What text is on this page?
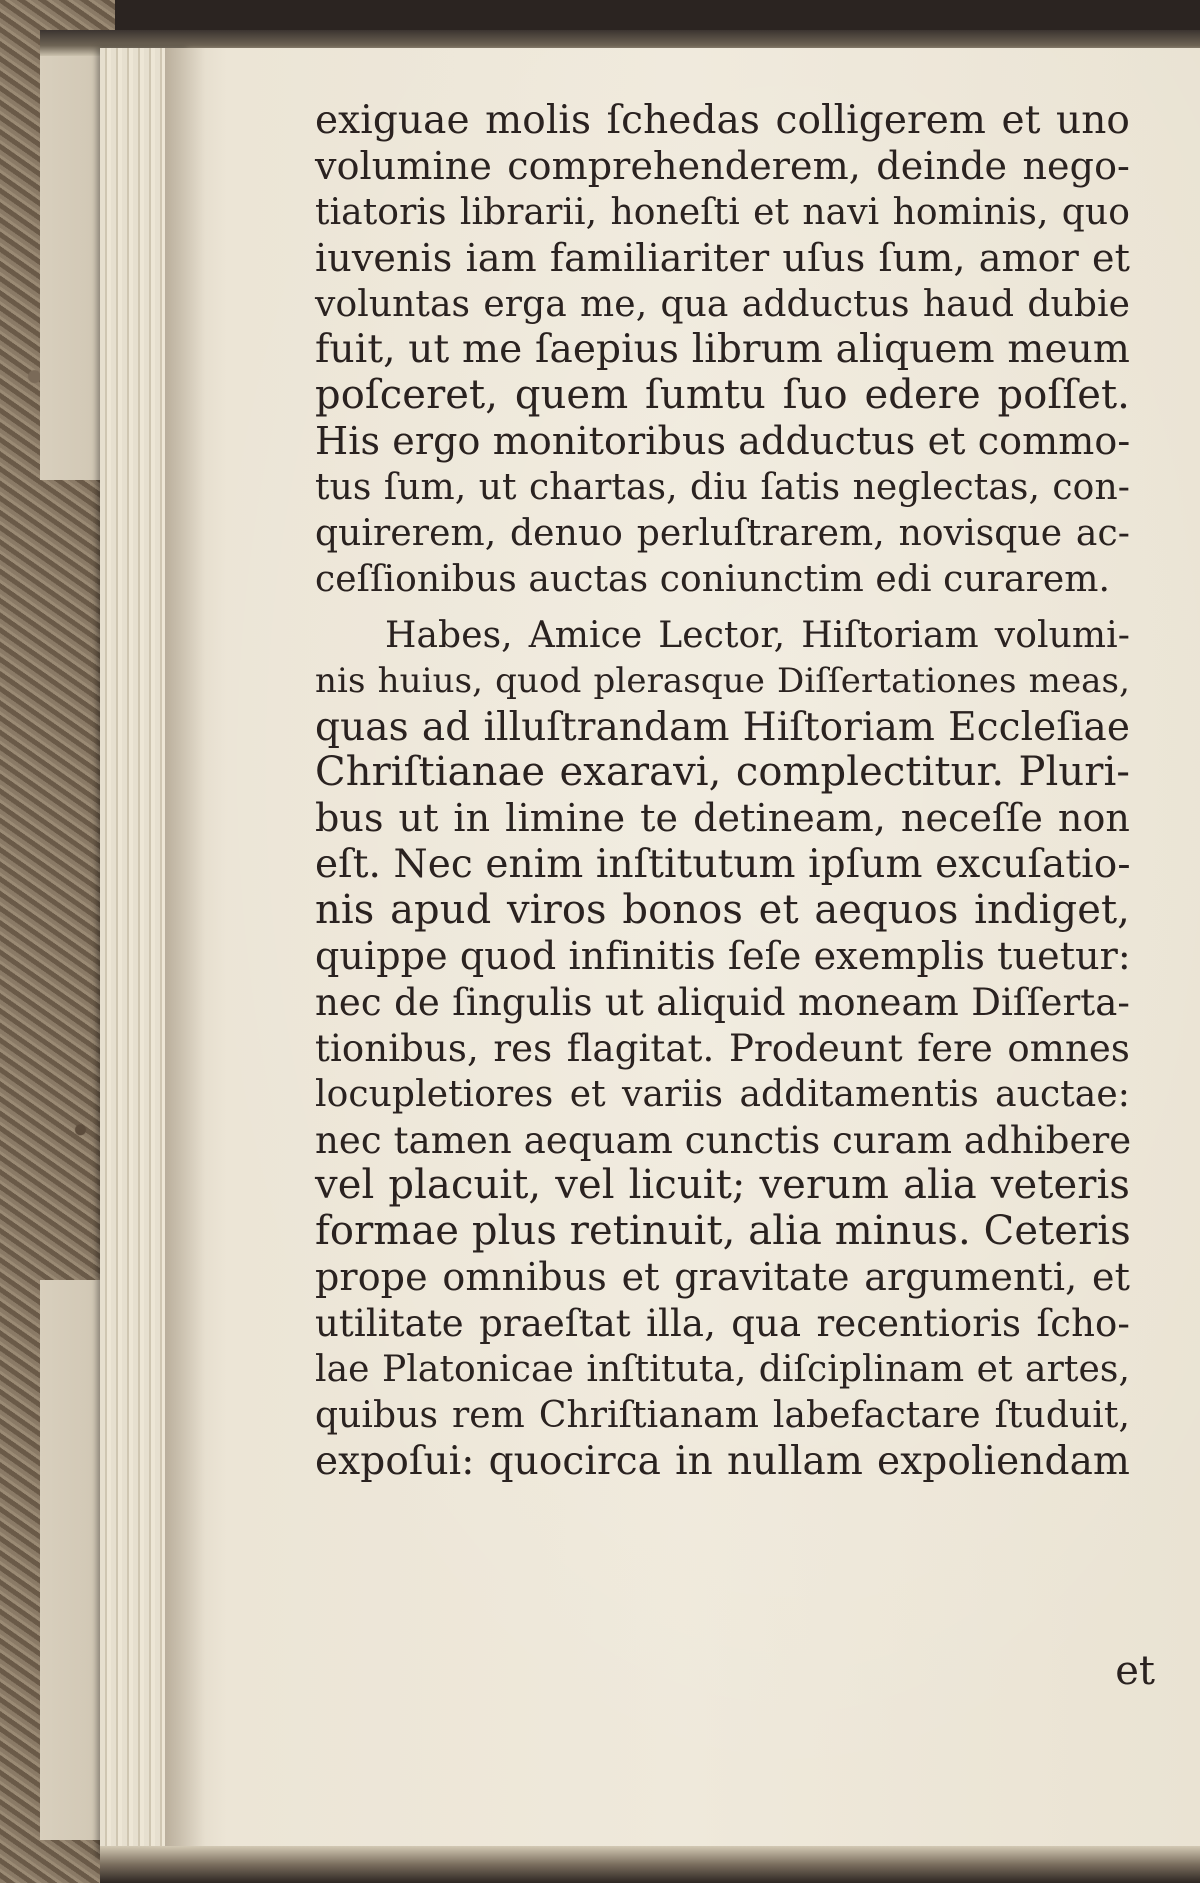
exiguae molis ſchedas colligerem et uno
volumine comprehenderem, deinde nego-
tiatoris librarii, honeſti et navi hominis, quo
iuvenis iam familiariter uſus ſum, amor et
voluntas erga me, qua adductus haud dubie
fuit, ut me ſaepius librum aliquem meum
poſceret, quem ſumtu ſuo edere poſſet.
His ergo monitoribus adductus et commo-
tus ſum, ut chartas, diu ſatis neglectas, con-
quirerem, denuo perluſtrarem, novisque ac-
ceſſionibus auctas coniunctim edi curarem.

Habes, Amice Lector, Hiſtoriam volumi-
nis huius, quod plerasque Diſſertationes meas,
quas ad illuſtrandam Hiſtoriam Eccleſiae
Chriſtianae exaravi, complectitur. Pluri-
bus ut in limine te detineam, neceſſe non
eſt. Nec enim inſtitutum ipſum excuſatio-
nis apud viros bonos et aequos indiget,
quippe quod infinitis ſeſe exemplis tuetur:
nec de ſingulis ut aliquid moneam Diſſerta-
tionibus, res flagitat. Prodeunt fere omnes
locupletiores et variis additamentis auctae:
nec tamen aequam cunctis curam adhibere
vel placuit, vel licuit; verum alia veteris
formae plus retinuit, alia minus. Ceteris
prope omnibus et gravitate argumenti, et
utilitate praeſtat illa, qua recentioris ſcho-
lae Platonicae inſtituta, diſciplinam et artes,
quibus rem Chriſtianam labefactare ſtuduit,
expoſui: quocirca in nullam expoliendam

et
